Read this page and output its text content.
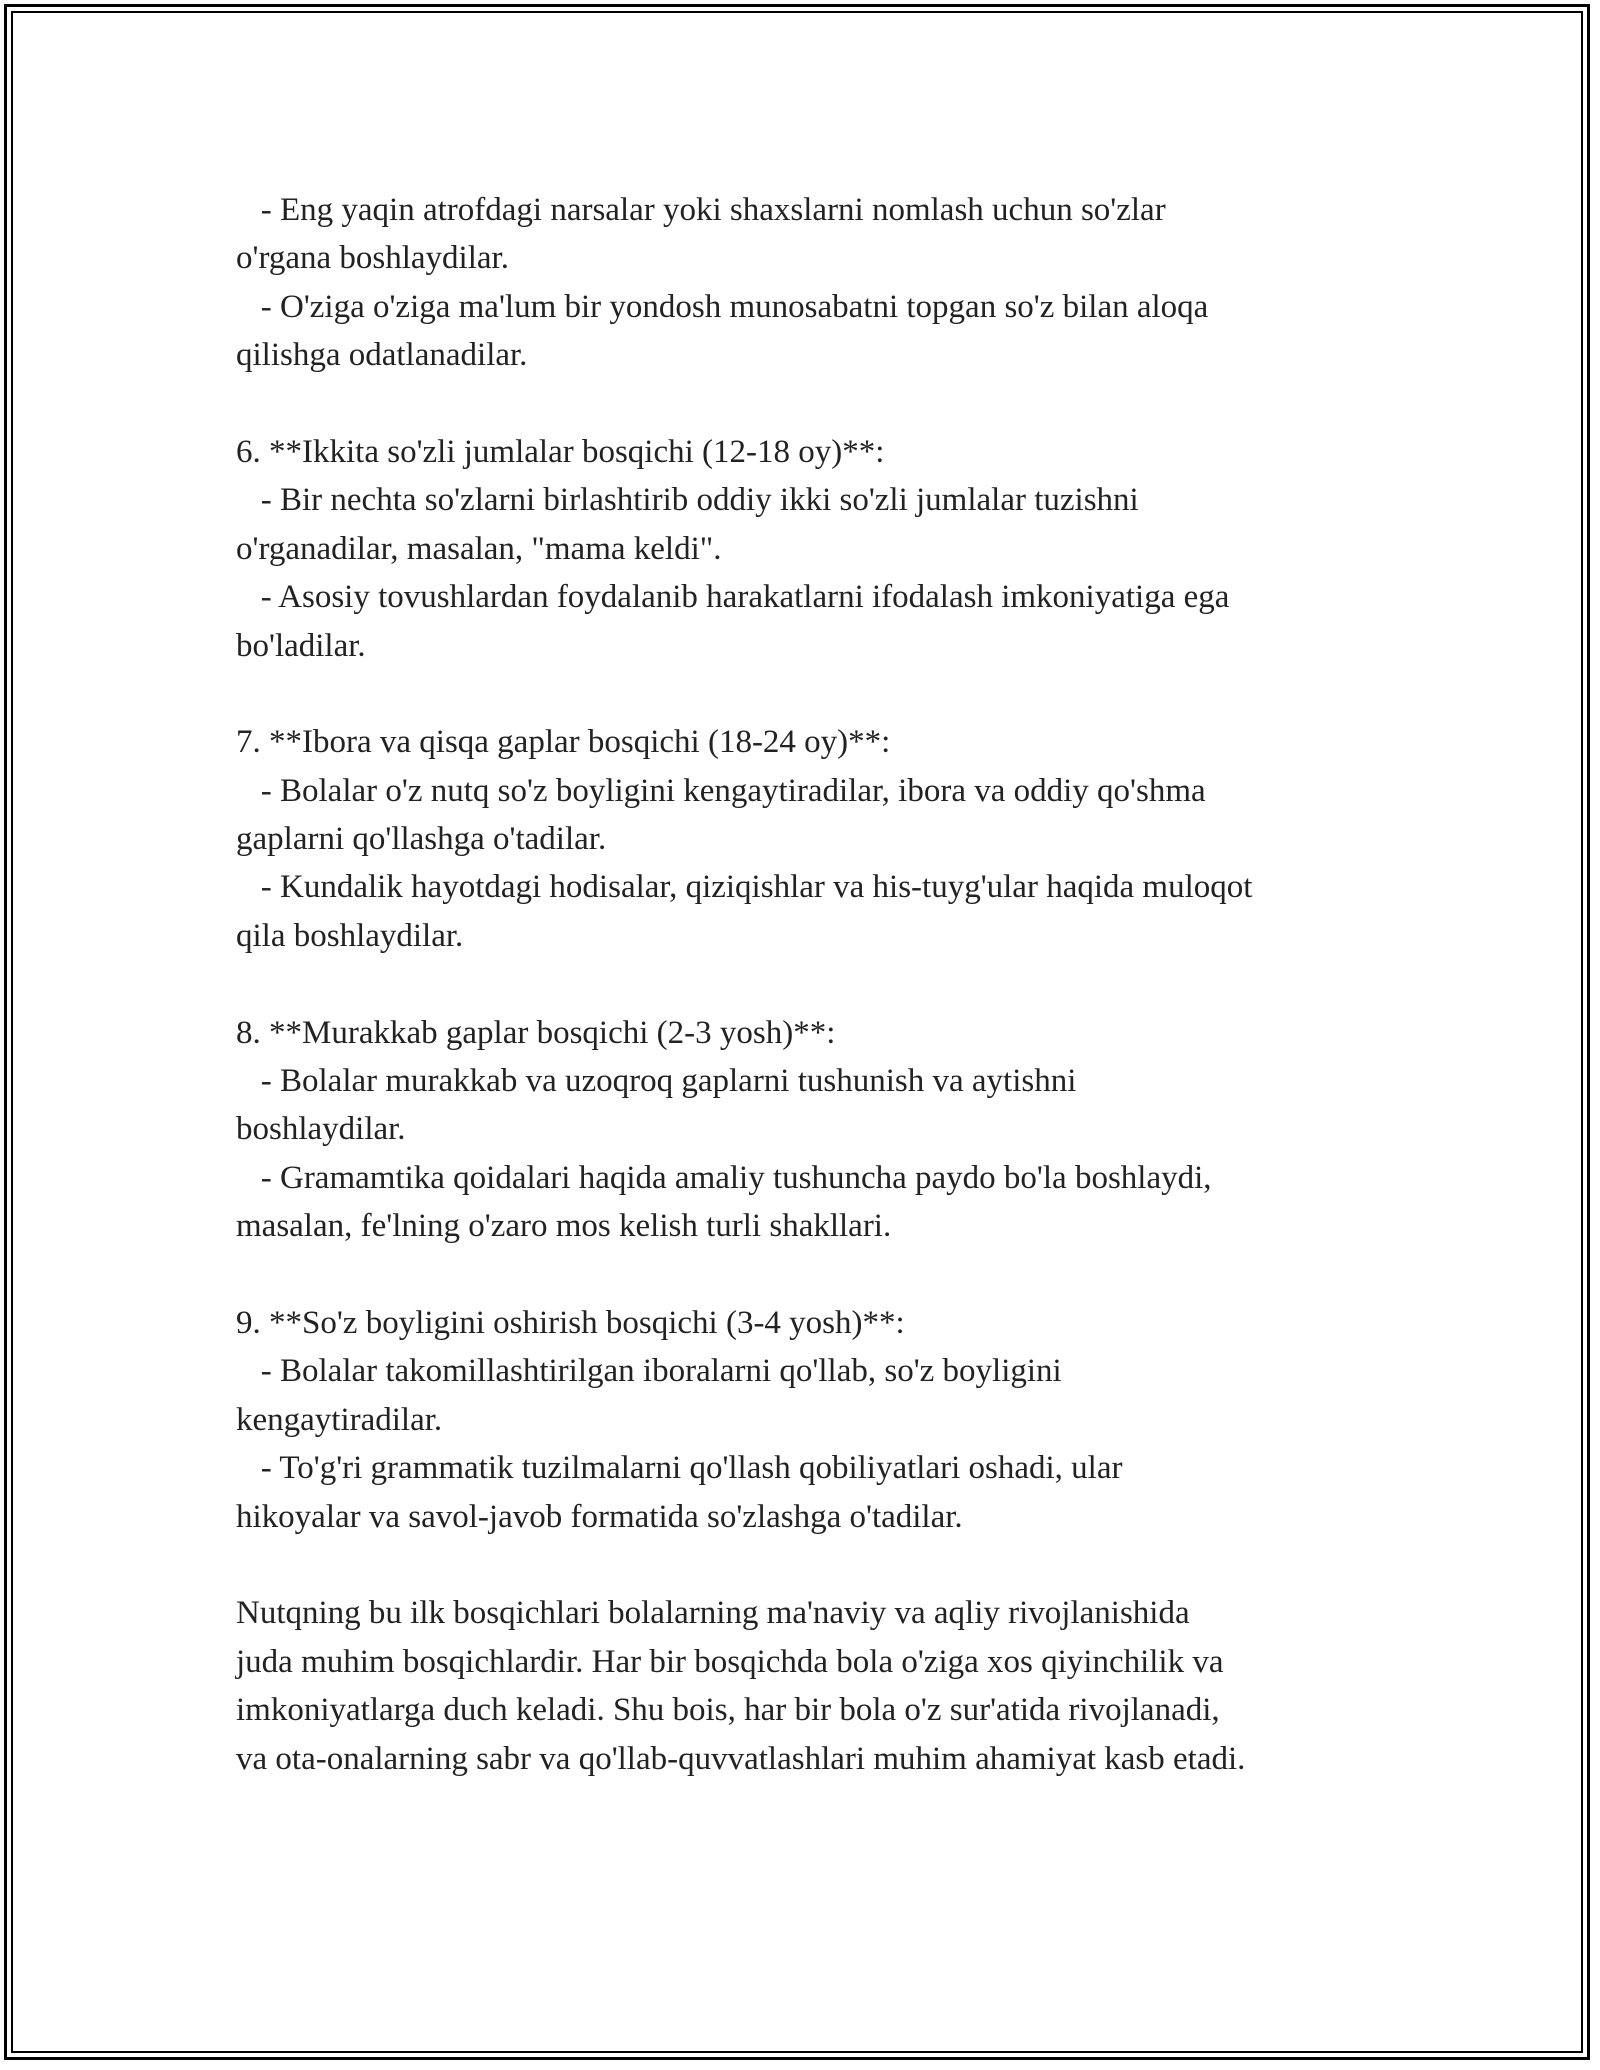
- Eng yaqin atrofdagi narsalar yoki shaxslarni nomlash uchun so'zlar
o'rgana boshlaydilar.
- O'ziga o'ziga ma'lum bir yondosh munosabatni topgan so'z bilan aloqa
qilishga odatlanadilar.
6. **Ikkita so'zli jumlalar bosqichi (12-18 oy)**:
- Bir nechta so'zlarni birlashtirib oddiy ikki so'zli jumlalar tuzishni
o'rganadilar, masalan, "mama keldi".
- Asosiy tovushlardan foydalanib harakatlarni ifodalash imkoniyatiga ega
bo'ladilar.
7. **Ibora va qisqa gaplar bosqichi (18-24 oy)**:
- Bolalar o'z nutq so'z boyligini kengaytiradilar, ibora va oddiy qo'shma
gaplarni qo'llashga o'tadilar.
- Kundalik hayotdagi hodisalar, qiziqishlar va his-tuyg'ular haqida muloqot
qila boshlaydilar.
8. **Murakkab gaplar bosqichi (2-3 yosh)**:
- Bolalar murakkab va uzoqroq gaplarni tushunish va aytishni
boshlaydilar.
- Gramamtika qoidalari haqida amaliy tushuncha paydo bo'la boshlaydi,
masalan, fe'lning o'zaro mos kelish turli shakllari.
9. **So'z boyligini oshirish bosqichi (3-4 yosh)**:
- Bolalar takomillashtirilgan iboralarni qo'llab, so'z boyligini
kengaytiradilar.
- To'g'ri grammatik tuzilmalarni qo'llash qobiliyatlari oshadi, ular
hikoyalar va savol-javob formatida so'zlashga o'tadilar.
Nutqning bu ilk bosqichlari bolalarning ma'naviy va aqliy rivojlanishida
juda muhim bosqichlardir. Har bir bosqichda bola o'ziga xos qiyinchilik va
imkoniyatlarga duch keladi. Shu bois, har bir bola o'z sur'atida rivojlanadi,
va ota-onalarning sabr va qo'llab-quvvatlashlari muhim ahamiyat kasb etadi.
